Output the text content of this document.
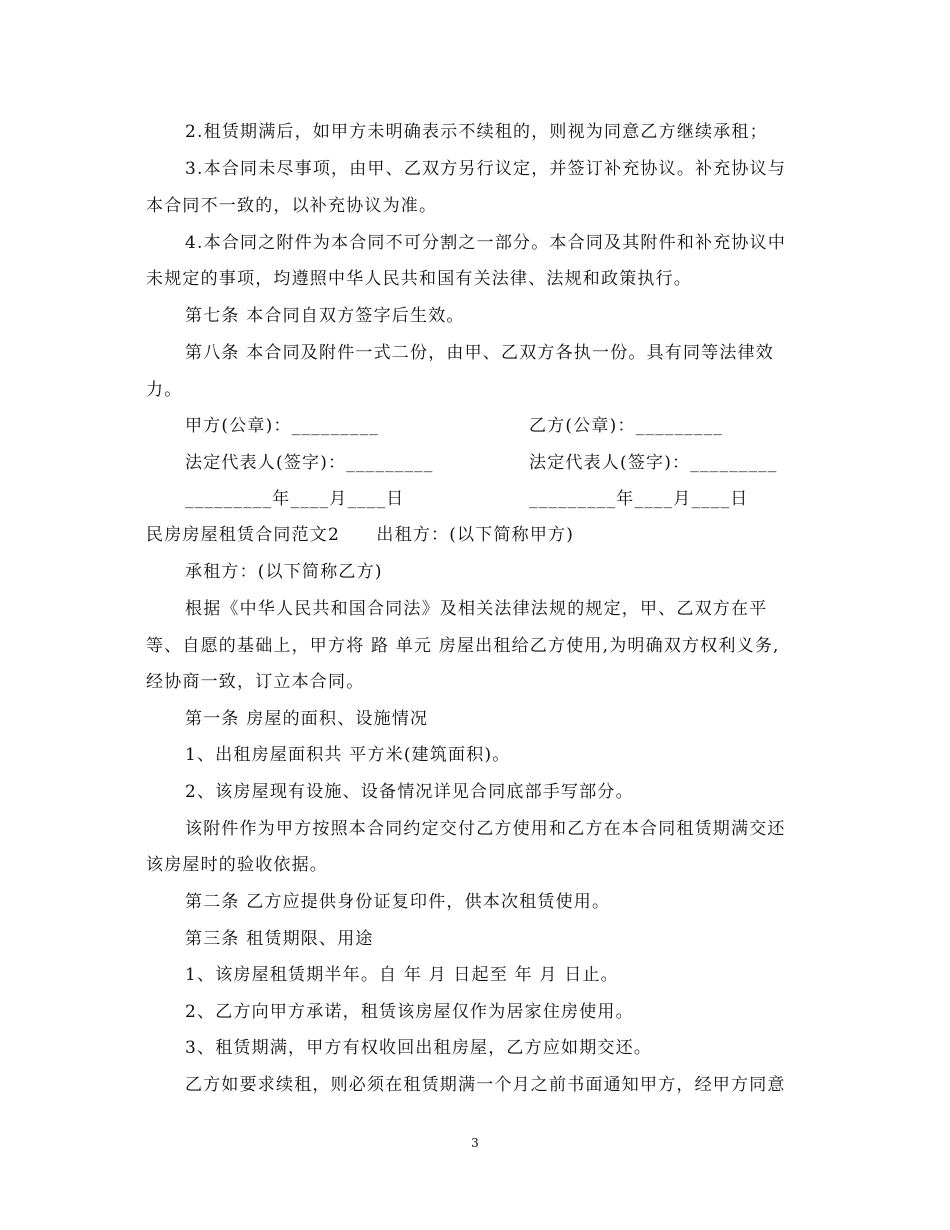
2.租赁期满后，如甲方未明确表示不续租的，则视为同意乙方继续承租；
3.本合同未尽事项，由甲、乙双方另行议定，并签订补充协议。补充协议与
本合同不一致的，以补充协议为准。
4.本合同之附件为本合同不可分割之一部分。本合同及其附件和补充协议中
未规定的事项，均遵照中华人民共和国有关法律、法规和政策执行。
第七条 本合同自双方签字后生效。
第八条 本合同及附件一式二份，由甲、乙双方各执一份。具有同等法律效
力。
甲方(公章)：_________	乙方(公章)：_________
法定代表人(签字)：_________	法定代表人(签字)：_________
_________年____月____日	_________年____月____日
民房房屋租赁合同范文2　　出租方：(以下简称甲方)
承租方：(以下简称乙方)
根据《中华人民共和国合同法》及相关法律法规的规定，甲、乙双方在平
等、自愿的基础上，甲方将 路 单元 房屋出租给乙方使用,为明确双方权利义务,
经协商一致，订立本合同。
第一条 房屋的面积、设施情况
1、出租房屋面积共 平方米(建筑面积)。
2、该房屋现有设施、设备情况详见合同底部手写部分。
该附件作为甲方按照本合同约定交付乙方使用和乙方在本合同租赁期满交还
该房屋时的验收依据。
第二条 乙方应提供身份证复印件，供本次租赁使用。
第三条 租赁期限、用途
1、该房屋租赁期半年。自 年 月 日起至 年 月 日止。
2、乙方向甲方承诺，租赁该房屋仅作为居家住房使用。
3、租赁期满，甲方有权收回出租房屋，乙方应如期交还。
乙方如要求续租，则必须在租赁期满一个月之前书面通知甲方，经甲方同意
3
